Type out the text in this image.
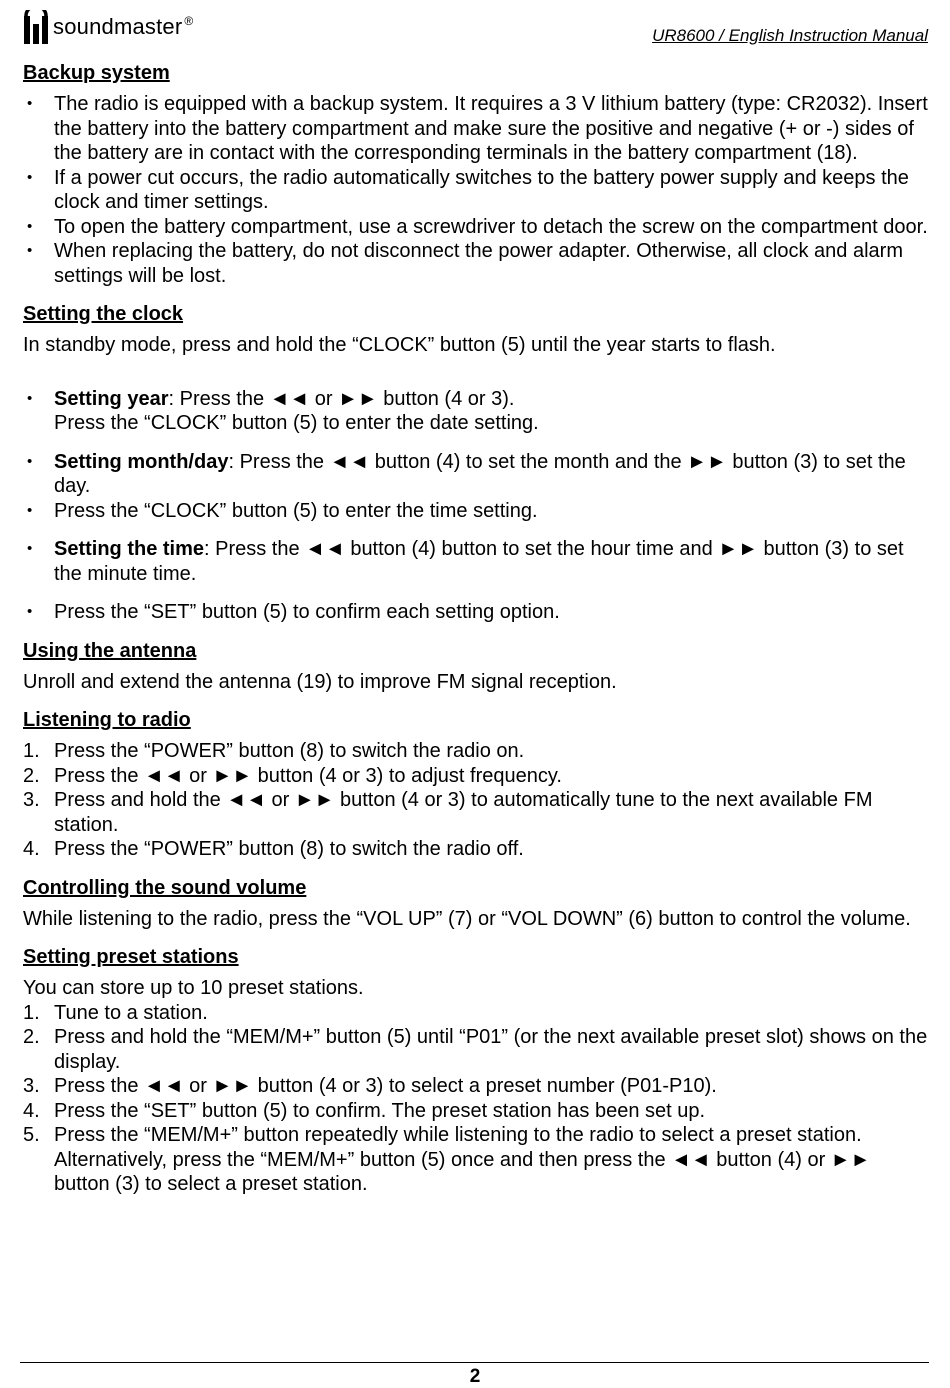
soundmaster ®
UR8600 / English Instruction Manual
Backup system
• The radio is equipped with a backup system. It requires a 3 V lithium battery (type: CR2032). Insert the battery into the battery compartment and make sure the positive and negative (+ or -) sides of the battery are in contact with the corresponding terminals in the battery compartment (18).
• If a power cut occurs, the radio automatically switches to the battery power supply and keeps the clock and timer settings.
• To open the battery compartment, use a screwdriver to detach the screw on the compartment door.
• When replacing the battery, do not disconnect the power adapter. Otherwise, all clock and alarm settings will be lost.
Setting the clock

In standby mode, press and hold the “CLOCK” button (5) until the year starts to flash.

• Setting year: Press the ◄◄ or ►► button (4 or 3).
Press the “CLOCK” button (5) to enter the date setting.
• Setting month/day: Press the ◄◄ button (4) to set the month and the ►► button (3) to set the day.
• Press the “CLOCK” button (5) to enter the time setting.
• Setting the time: Press the ◄◄ button (4) button to set the hour time and ►► button (3) to set the minute time.
• Press the “SET” button (5) to confirm each setting option.
Using the antenna

Unroll and extend the antenna (19) to improve FM signal reception.

Listening to radio
1. Press the “POWER” button (8) to switch the radio on.
2. Press the ◄◄ or ►► button (4 or 3) to adjust frequency.
3. Press and hold the ◄◄ or ►► button (4 or 3) to automatically tune to the next available FM station.
4. Press the “POWER” button (8) to switch the radio off.
Controlling the sound volume

While listening to the radio, press the “VOL UP” (7) or “VOL DOWN” (6) button to control the volume.

Setting preset stations

You can store up to 10 preset stations.

1. Tune to a station.
2. Press and hold the “MEM/M+” button (5) until “P01” (or the next available preset slot) shows on the display.
3. Press the ◄◄ or ►► button (4 or 3) to select a preset number (P01-P10).
4. Press the “SET” button (5) to confirm. The preset station has been set up.
5. Press the “MEM/M+” button repeatedly while listening to the radio to select a preset station. Alternatively, press the “MEM/M+” button (5) once and then press the ◄◄ button (4) or ►► button (3) to select a preset station.
2
